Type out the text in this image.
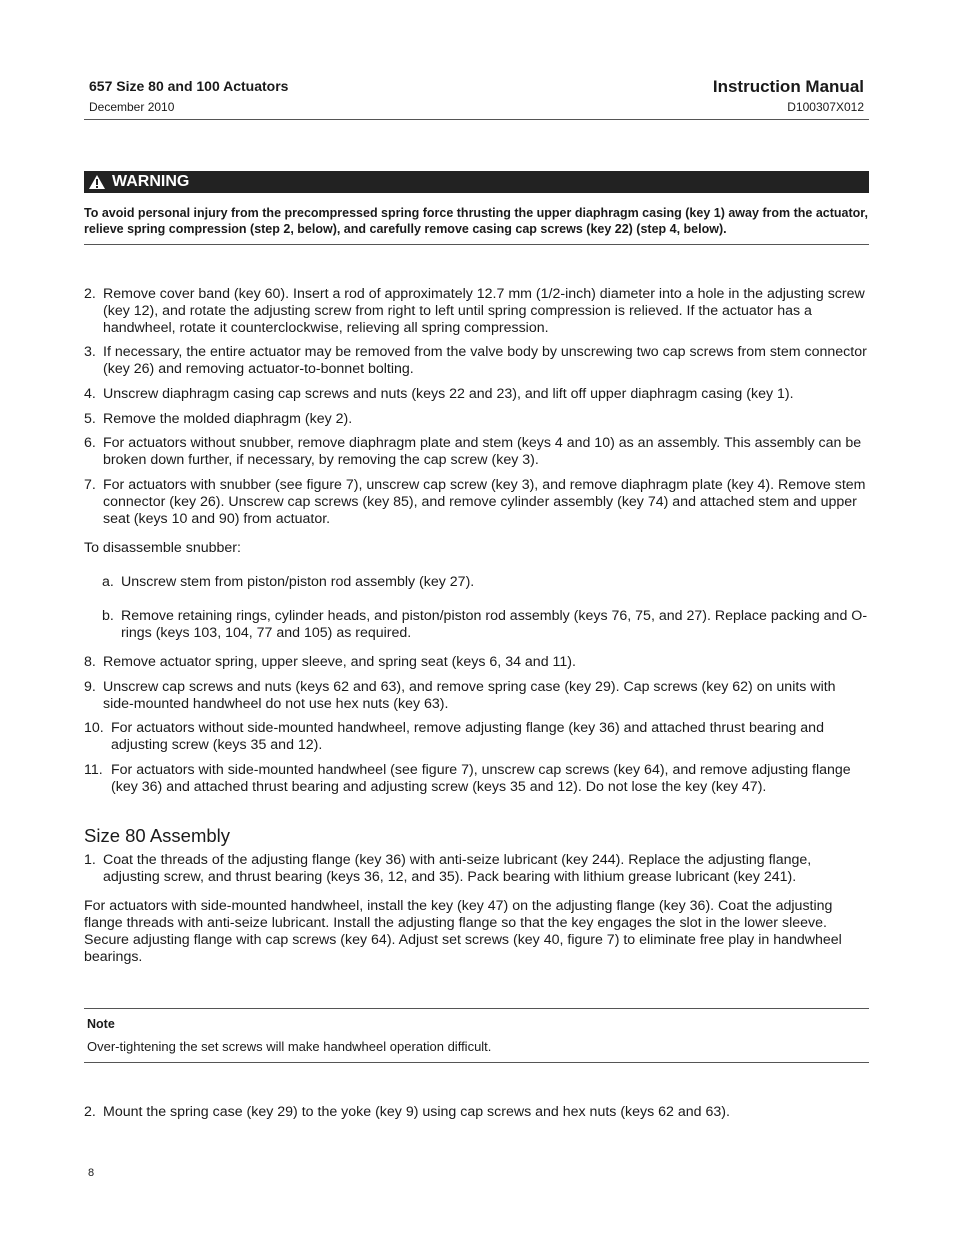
657 Size 80 and 100 Actuators
December 2010
Instruction Manual
D100307X012
WARNING
To avoid personal injury from the precompressed spring force thrusting the upper diaphragm casing (key 1) away from the actuator, relieve spring compression (step 2, below), and carefully remove casing cap screws (key 22) (step 4, below).
2. Remove cover band (key 60). Insert a rod of approximately 12.7 mm (1/2-inch) diameter into a hole in the adjusting screw (key 12), and rotate the adjusting screw from right to left until spring compression is relieved. If the actuator has a handwheel, rotate it counterclockwise, relieving all spring compression.
3. If necessary, the entire actuator may be removed from the valve body by unscrewing two cap screws from stem connector (key 26) and removing actuator-to-bonnet bolting.
4. Unscrew diaphragm casing cap screws and nuts (keys 22 and 23), and lift off upper diaphragm casing (key 1).
5. Remove the molded diaphragm (key 2).
6. For actuators without snubber, remove diaphragm plate and stem (keys 4 and 10) as an assembly. This assembly can be broken down further, if necessary, by removing the cap screw (key 3).
7. For actuators with snubber (see figure 7), unscrew cap screw (key 3), and remove diaphragm plate (key 4). Remove stem connector (key 26). Unscrew cap screws (key 85), and remove cylinder assembly (key 74) and attached stem and upper seat (keys 10 and 90) from actuator.
To disassemble snubber:
a. Unscrew stem from piston/piston rod assembly (key 27).
b. Remove retaining rings, cylinder heads, and piston/piston rod assembly (keys 76, 75, and 27). Replace packing and O-rings (keys 103, 104, 77 and 105) as required.
8. Remove actuator spring, upper sleeve, and spring seat (keys 6, 34 and 11).
9. Unscrew cap screws and nuts (keys 62 and 63), and remove spring case (key 29). Cap screws (key 62) on units with side-mounted handwheel do not use hex nuts (key 63).
10. For actuators without side-mounted handwheel, remove adjusting flange (key 36) and attached thrust bearing and adjusting screw (keys 35 and 12).
11. For actuators with side-mounted handwheel (see figure 7), unscrew cap screws (key 64), and remove adjusting flange (key 36) and attached thrust bearing and adjusting screw (keys 35 and 12). Do not lose the key (key 47).
Size 80 Assembly
1. Coat the threads of the adjusting flange (key 36) with anti-seize lubricant (key 244). Replace the adjusting flange, adjusting screw, and thrust bearing (keys 36, 12, and 35). Pack bearing with lithium grease lubricant (key 241).
For actuators with side-mounted handwheel, install the key (key 47) on the adjusting flange (key 36). Coat the adjusting flange threads with anti-seize lubricant. Install the adjusting flange so that the key engages the slot in the lower sleeve. Secure adjusting flange with cap screws (key 64). Adjust set screws (key 40, figure 7) to eliminate free play in handwheel bearings.
Note
Over-tightening the set screws will make handwheel operation difficult.
2. Mount the spring case (key 29) to the yoke (key 9) using cap screws and hex nuts (keys 62 and 63).
8
